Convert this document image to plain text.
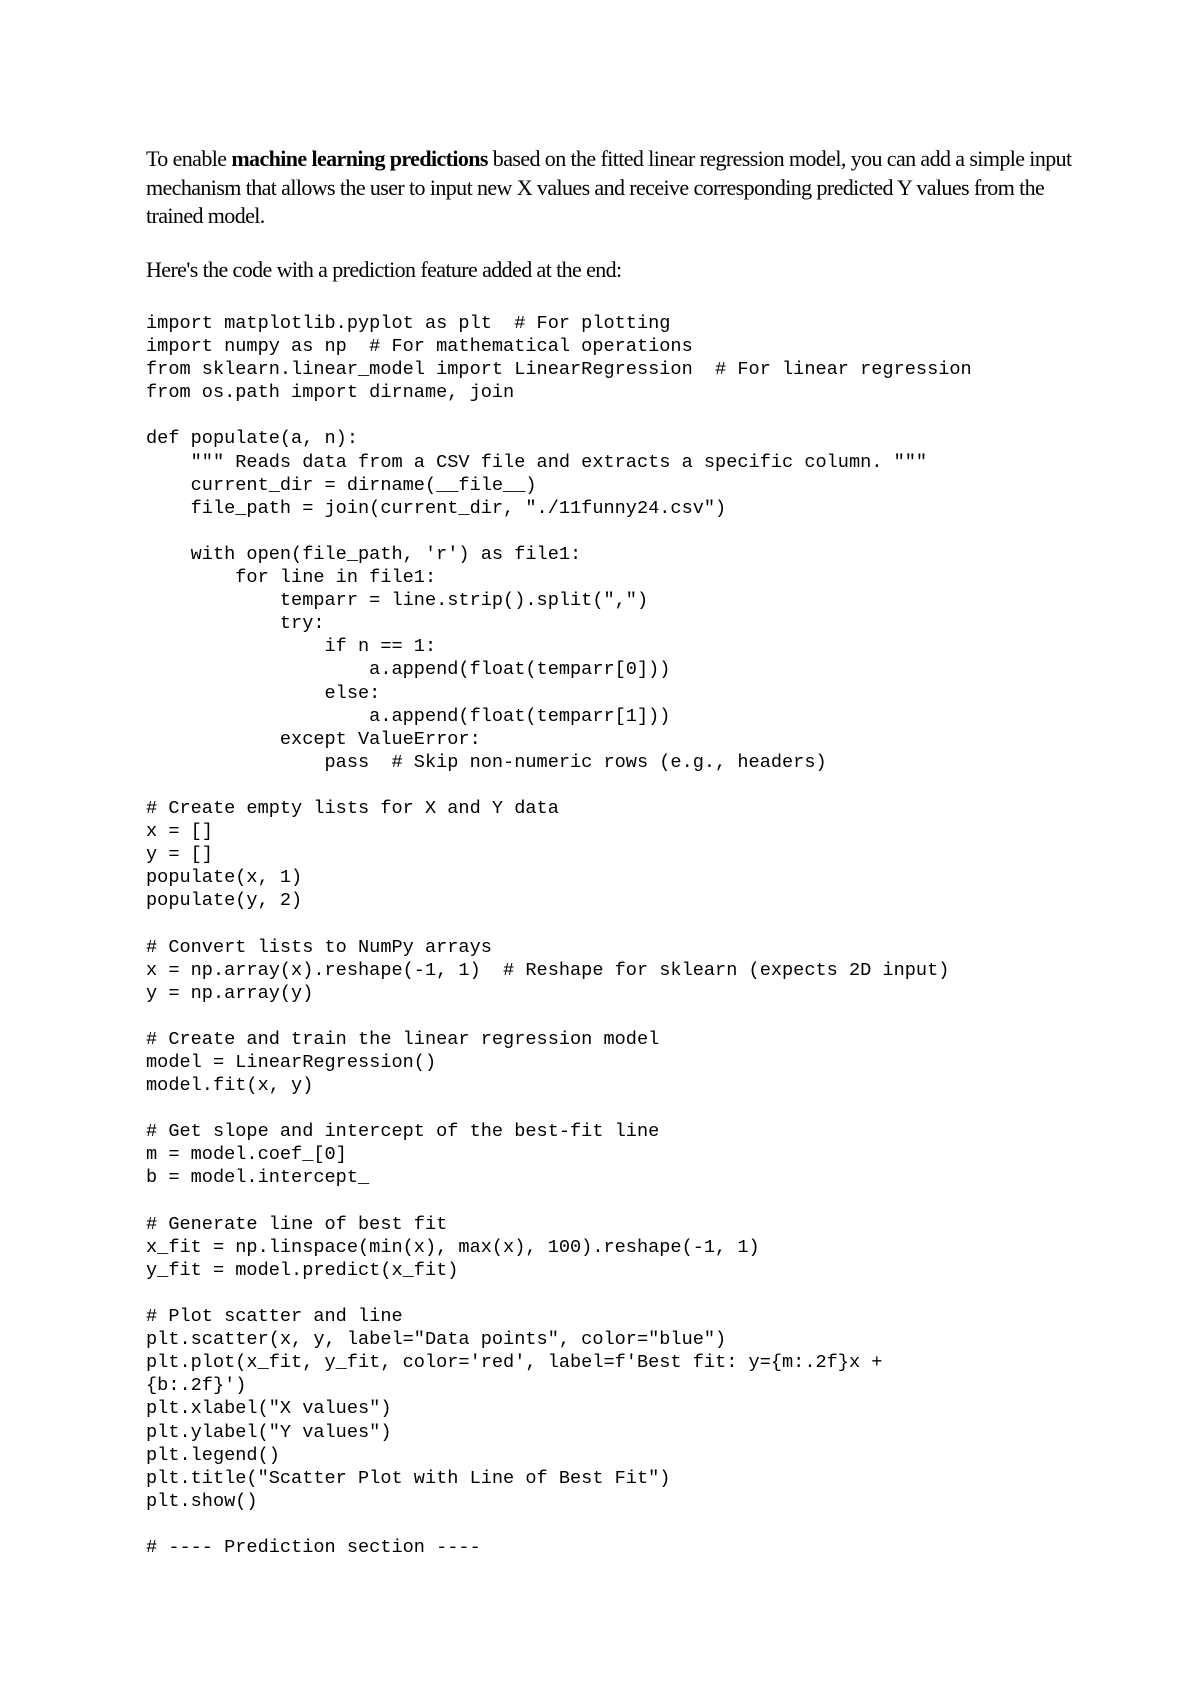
To enable machine learning predictions based on the fitted linear regression model, you can add a simple input mechanism that allows the user to input new X values and receive corresponding predicted Y values from the trained model.

Here's the code with a prediction feature added at the end:

import matplotlib.pyplot as plt  # For plotting
import numpy as np  # For mathematical operations
from sklearn.linear_model import LinearRegression  # For linear regression
from os.path import dirname, join
def populate(a, n):
""" Reads data from a CSV file and extracts a specific column. """
current_dir = dirname(__file__)
file_path = join(current_dir, "./11funny24.csv")
with open(file_path, 'r') as file1:
for line in file1:
temparr = line.strip().split(",")
try:
if n == 1:
a.append(float(temparr[0]))
else:
a.append(float(temparr[1]))
except ValueError:
pass  # Skip non-numeric rows (e.g., headers)
# Create empty lists for X and Y data
x = []
y = []
populate(x, 1)
populate(y, 2)
# Convert lists to NumPy arrays
x = np.array(x).reshape(-1, 1)  # Reshape for sklearn (expects 2D input)
y = np.array(y)
# Create and train the linear regression model
model = LinearRegression()
model.fit(x, y)
# Get slope and intercept of the best-fit line
m = model.coef_[0]
b = model.intercept_
# Generate line of best fit
x_fit = np.linspace(min(x), max(x), 100).reshape(-1, 1)
y_fit = model.predict(x_fit)
# Plot scatter and line
plt.scatter(x, y, label="Data points", color="blue")
plt.plot(x_fit, y_fit, color='red', label=f'Best fit: y={m:.2f}x +
{b:.2f}')
plt.xlabel("X values")
plt.ylabel("Y values")
plt.legend()
plt.title("Scatter Plot with Line of Best Fit")
plt.show()
# ---- Prediction section ----
